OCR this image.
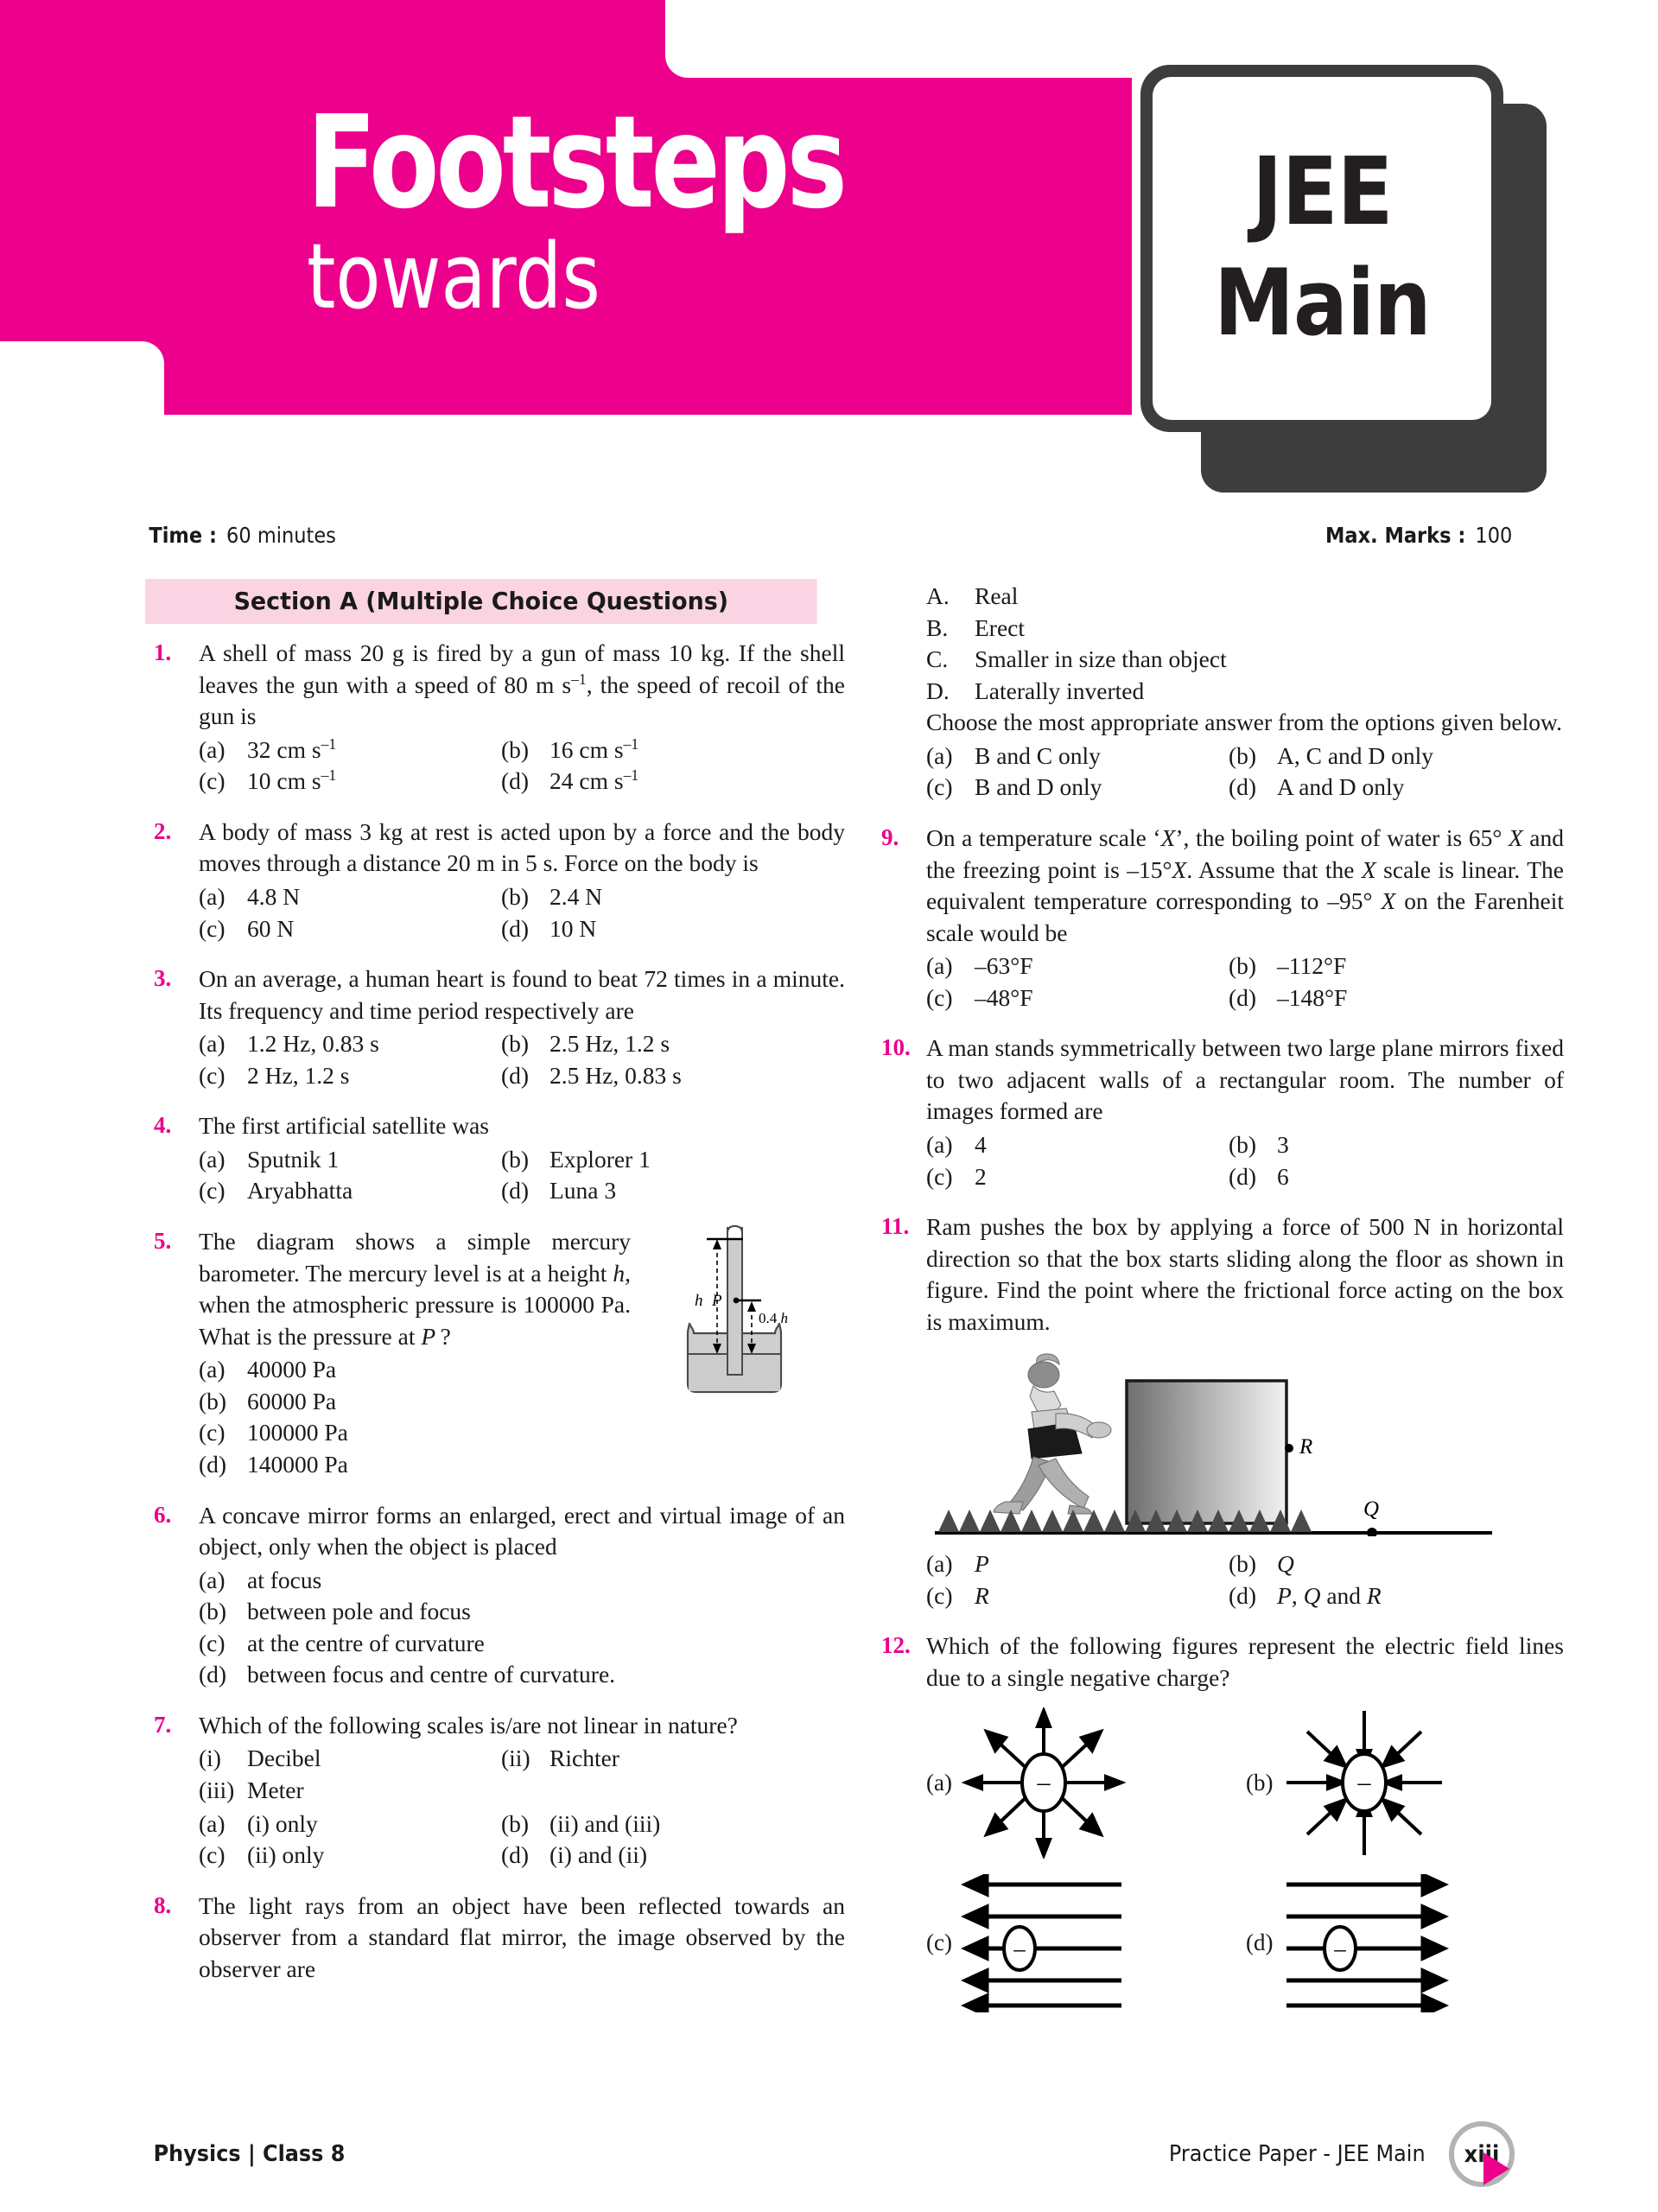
Footsteps
towards
JEE
Main
Time :60 minutes	Max. Marks :100
Section A (Multiple Choice Questions)
1.	A shell of mass 20 g is fired by a gun of mass 10 kg. If the shell leaves the gun with a speed of 80 m $s^{-1}$, the speed of recoil of the gun is
(a) 32 cm $s^{-1}$	(b) 16 cm $s^{-1}$
(c) 10 cm $s^{-1}$	(d) 24 cm $s^{-1}$
2.	A body of mass 3 kg at rest is acted upon by a force and the body moves through a distance 20 m in 5 s. Force on the body is
(a) 4.8 N	(b) 2.4 N
(c) 60 N	(d) 10 N
3.	On an average, a human heart is found to beat 72 times in a minute. Its frequency and time period respectively are
(a) 1.2 Hz, 0.83 s	(b) 2.5 Hz, 1.2 s
(c) 2 Hz, 1.2 s	(d) 2.5 Hz, 0.83 s
4.	The first artificial satellite was
(a) Sputnik 1	(b) Explorer 1
(c) Aryabhatta	(d) Luna 3
5.	The diagram shows a simple mercury barometer. The mercury level is at a height h, when the atmospheric pressure is 100000 Pa. What is the pressure at P ?
(a) 40000 Pa
(b) 60000 Pa
(c) 100000 Pa
(d) 140000 Pa
h P
0.4 h
6.	A concave mirror forms an enlarged, erect and virtual image of an object, only when the object is placed
(a) at focus
(b) between pole and focus
(c) at the centre of curvature
(d) between focus and centre of curvature.
7.	Which of the following scales is/are not linear in nature?
(i)	Decibel	(ii) Richter
(iii) Meter
(a) (i) only	(b) (ii) and (iii)
(c) (ii) only	(d) (i) and (ii)
8.	The light rays from an object have been reflected towards an observer from a standard flat mirror, the image observed by the observer are
A.	Real
B.	Erect
C.	Smaller in size than object
D.	Laterally inverted
Choose the most appropriate answer from the options given below.
(a) B and C only	(b) A, C and D only
(c) B and D only	(d) A and D only
9.	On a temperature scale ‘X’, the boiling point of water is 65° X and the freezing point is –15°X. Assume that the X scale is linear. The equivalent temperature corresponding to –95° X on the Farenheit scale would be
(a) –63°F	(b) –112°F
(c) –48°F	(d) –148°F
10. A man stands symmetrically between two large plane mirrors fixed to two adjacent walls of a rectangular room. The number of images formed are
(a) 4	(b) 3
(c) 2	(d) 6
11. Ram pushes the box by applying a force of 500 N in horizontal direction so that the box starts sliding along the floor as shown in figure. Find the point where the frictional force acting on the box is maximum.
R
Q
(a) P	(b) Q
(c) R	(d) P, Q and R
12. Which of the following figures represent the electric field lines due to a single negative charge?
(a)	–	(b)	–
(c)	–	(d)	–
Physics | Class 8	Practice Paper - JEE Main	xiii
